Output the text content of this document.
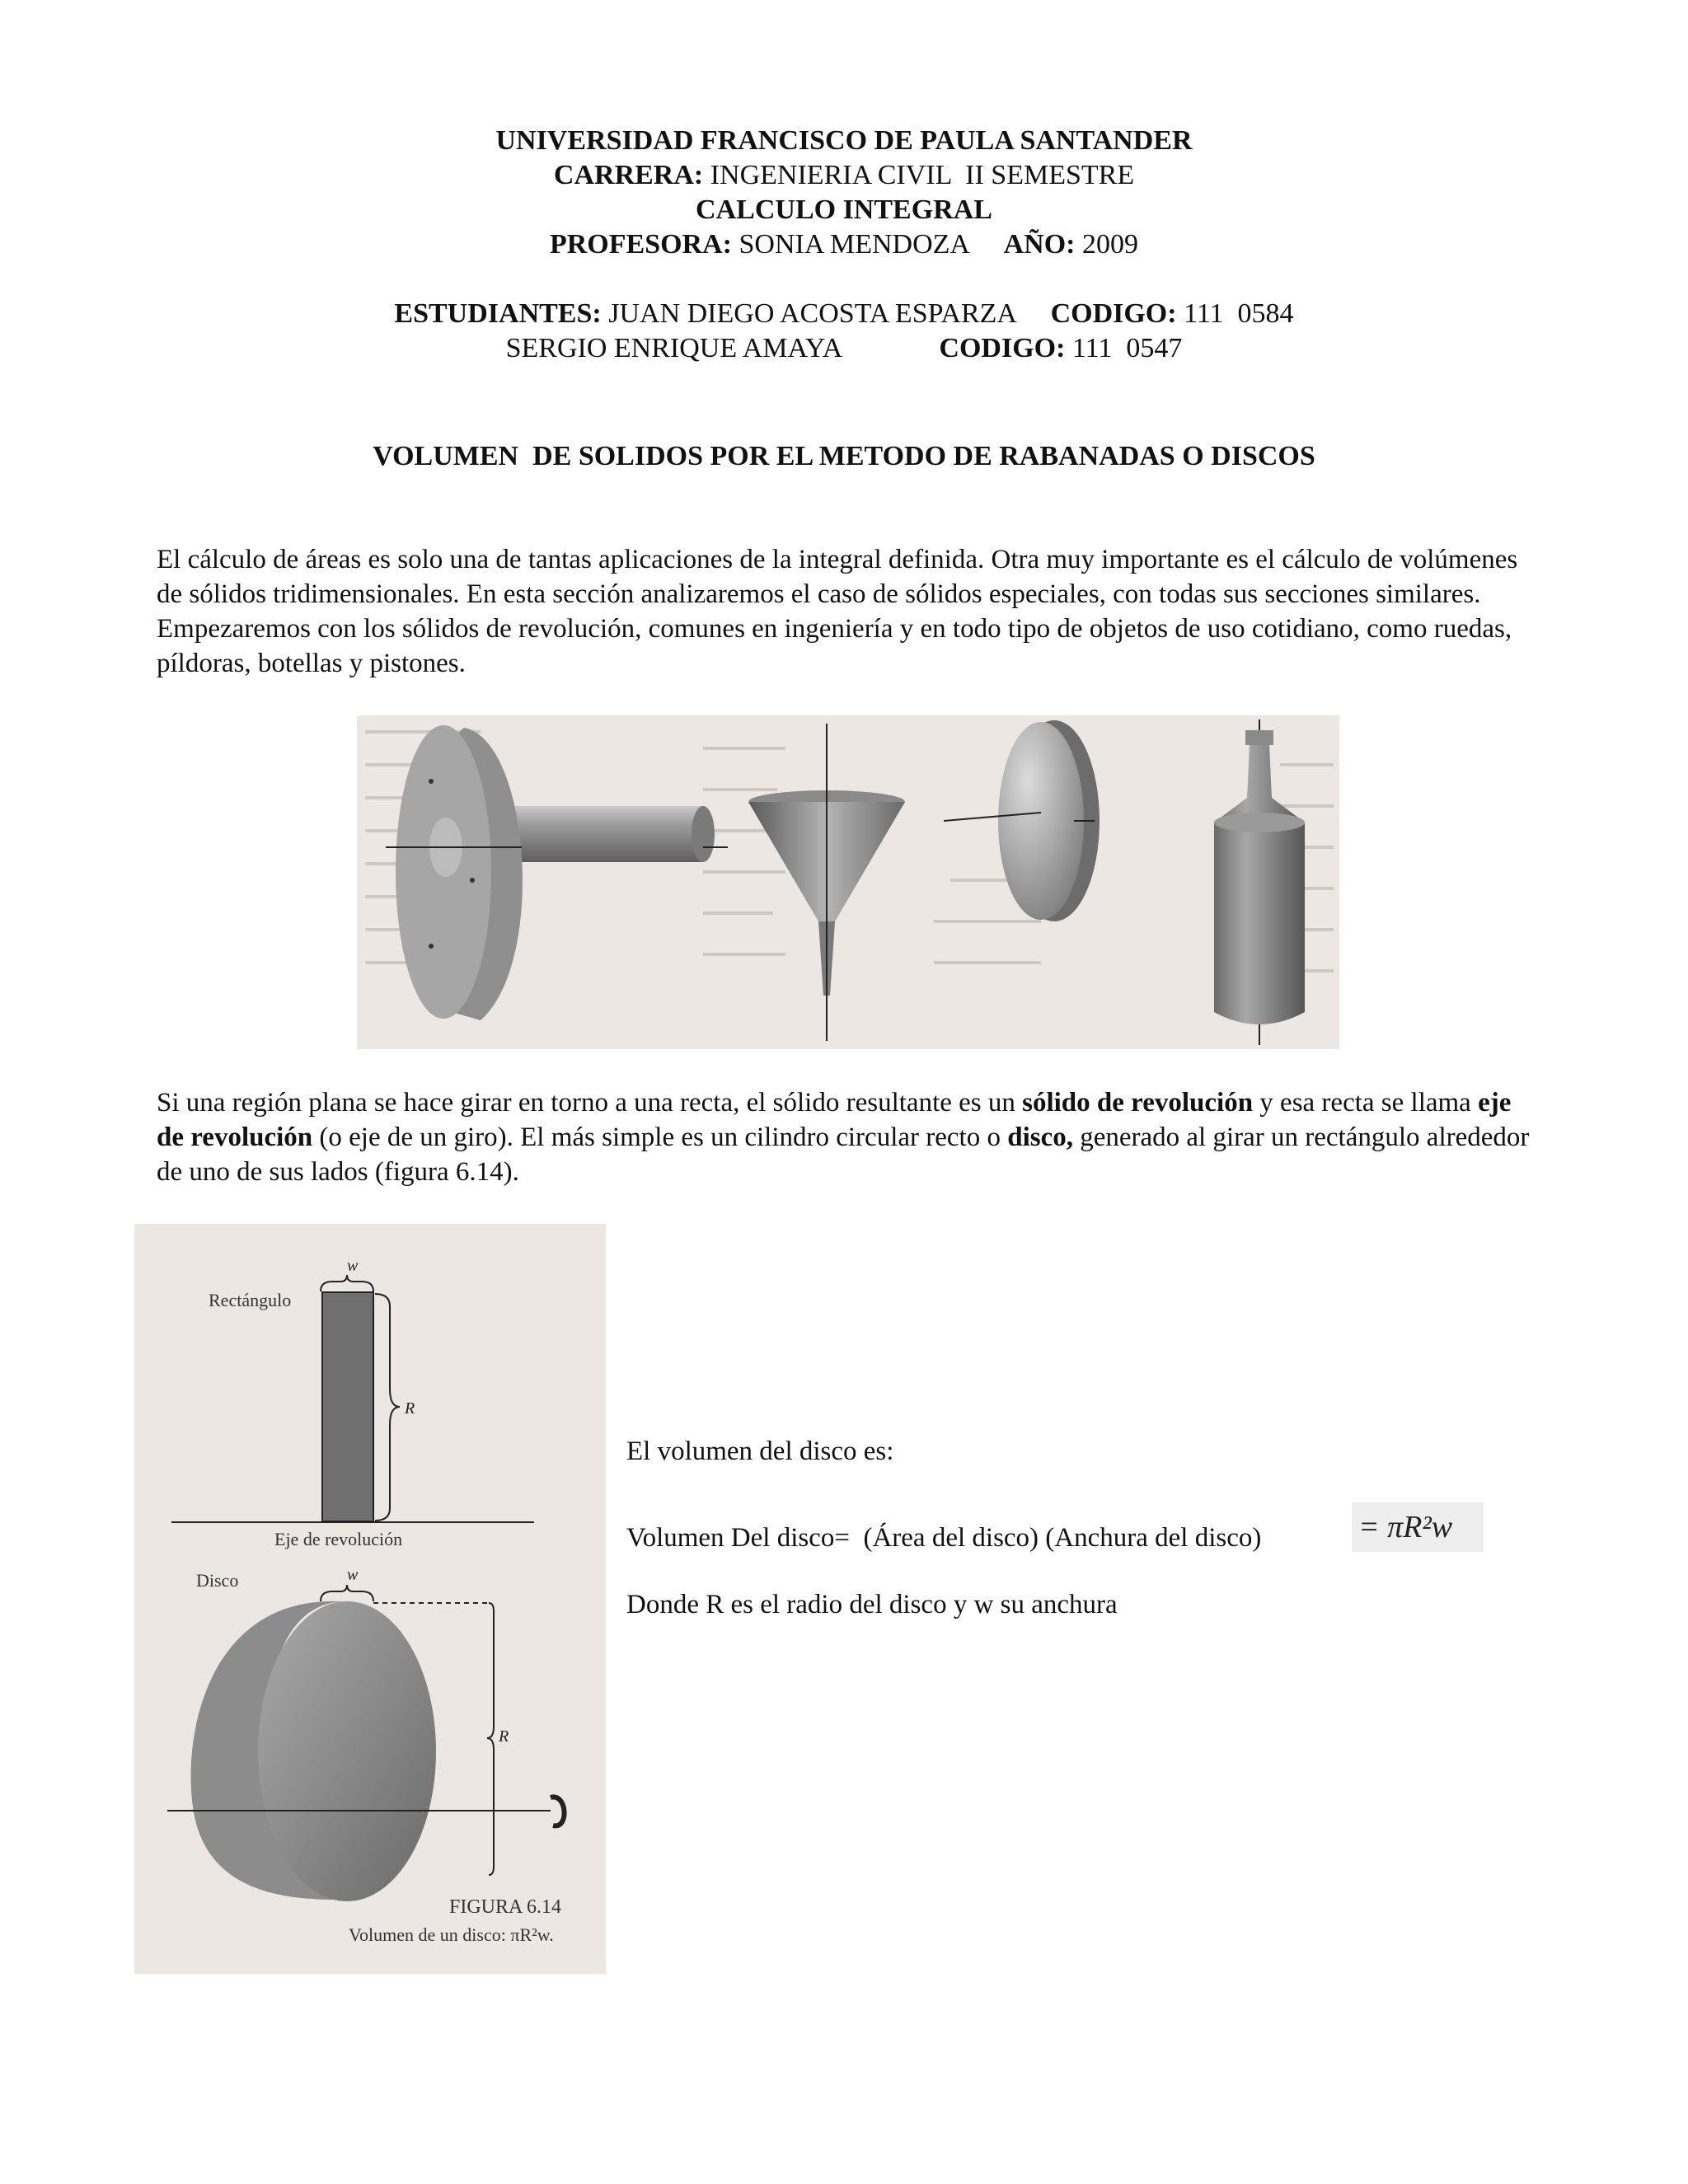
UNIVERSIDAD FRANCISCO DE PAULA SANTANDER
CARRERA: INGENIERIA CIVIL  II SEMESTRE
CALCULO INTEGRAL
PROFESORA: SONIA MENDOZA     AÑO: 2009
ESTUDIANTES: JUAN DIEGO ACOSTA ESPARZA     CODIGO: 111  0584
SERGIO ENRIQUE AMAYA              CODIGO: 111  0547
VOLUMEN  DE SOLIDOS POR EL METODO DE RABANADAS O DISCOS
El cálculo de áreas es solo una de tantas aplicaciones de la integral definida. Otra muy importante es el cálculo de volúmenes de sólidos tridimensionales. En esta sección analizaremos el caso de sólidos especiales, con todas sus secciones similares. Empezaremos con los sólidos de revolución, comunes en ingeniería y en todo tipo de objetos de uso cotidiano, como ruedas, píldoras, botellas y pistones.
Si una región plana se hace girar en torno a una recta, el sólido resultante es un sólido de revolución y esa recta se llama eje de revolución (o eje de un giro). El más simple es un cilindro circular recto o disco, generado al girar un rectángulo alrededor de uno de sus lados (figura 6.14).
w
Rectángulo
R
Eje de revolución
w
Disco
R
FIGURA 6.14
Volumen de un disco: πR²w.
El volumen del disco es:
Volumen Del disco=  (Área del disco) (Anchura del disco)	= πR²w
Donde R es el radio del disco y w su anchura
